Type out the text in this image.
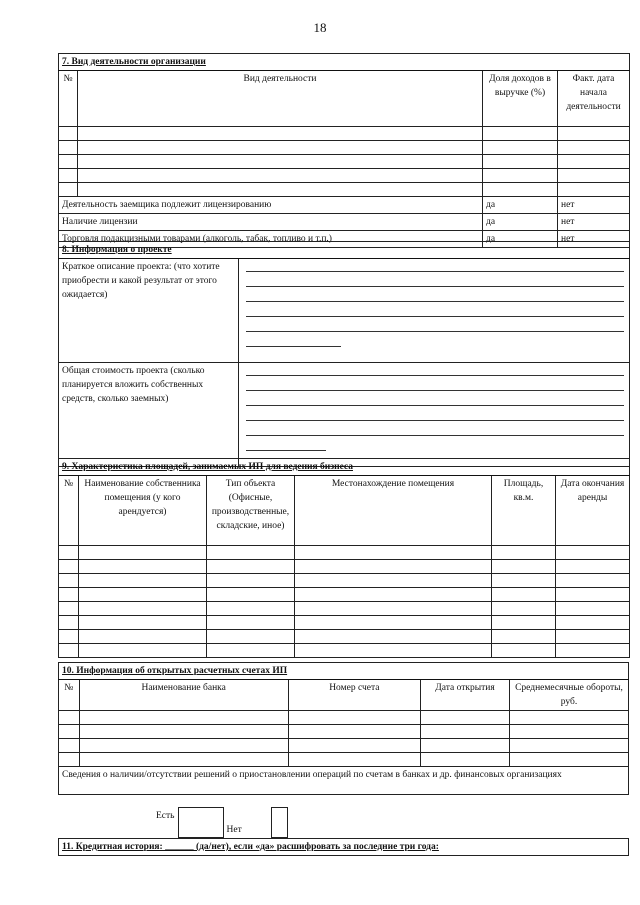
18
7. Вид деятельности организации			
№	Вид деятельности	Доля доходов в выручке (%)	Факт. дата начала деятельности

Деятельность заемщика подлежит лицензированию		да	нет
Наличие лицензии		да	нет
Торговля подакцизными товарами (алкоголь, табак, топливо и т.п.)		да	нет
8. Информация о проекте	
Краткое описание проекта: (что хотите приобрести и какой результат от этого ожидается)	

Общая стоимость проекта (сколько планируется вложить собственных средств, сколько заемных)	
9. Характеристика площадей, занимаемых ИП для ведения бизнеса					
№	Наименование собственника помещения (у кого арендуется)	Тип объекта (Офисные, производственные, складские, иное)	Местонахождение помещения	Площадь, кв.м.	Дата окончания аренды

10. Информация об открытых расчетных счетах ИП				
№	Наименование банка	Номер счета	Дата открытия	Среднемесячные обороты, руб.

Сведения о наличии/отсутствии решений о приостановлении операций по счетам в банках и др. финансовых организациях				
Есть		Нет		
11. Кредитная история: ______ (да/нет), если «да» расшифровать за последние три года:
